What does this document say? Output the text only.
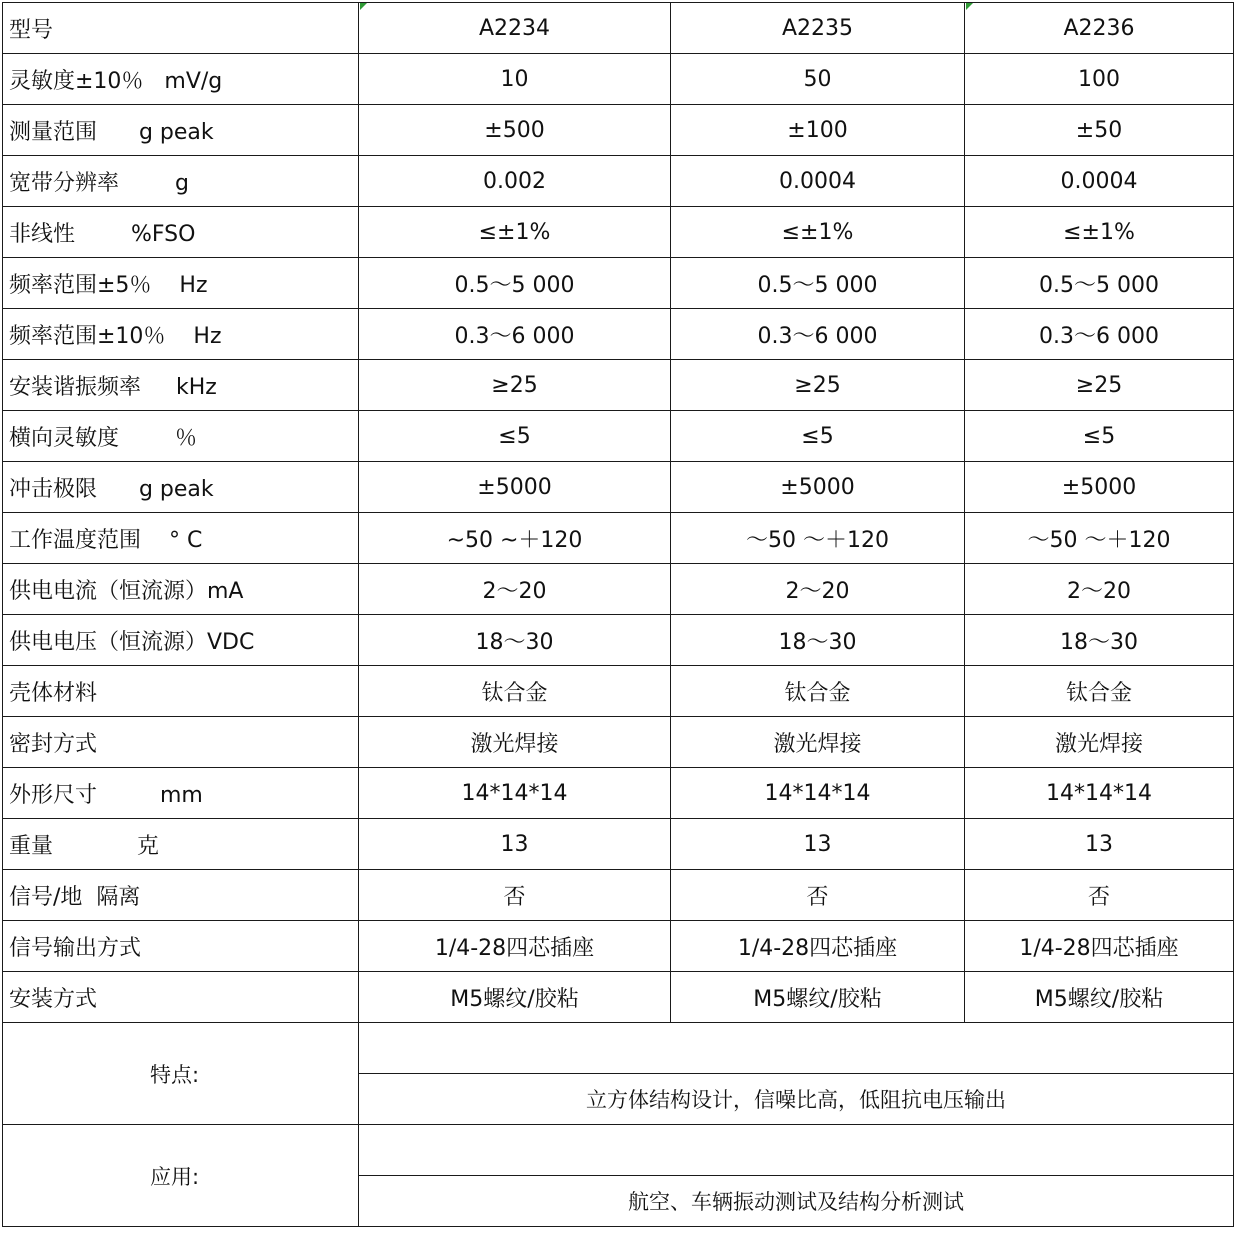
型号	A2234	A2235	A2236
灵敏度±10％   mV/g	10	50	100
测量范围      g peak	±500	±100	±50
宽带分辨率        g	0.002	0.0004	0.0004
非线性        %FSO	≤±1%	≤±1%	≤±1%
频率范围±5％    Hz	0.5～5 000	0.5～5 000	0.5～5 000
频率范围±10％    Hz	0.3～6 000	0.3～6 000	0.3～6 000
安装谐振频率     kHz	≥25	≥25	≥25
横向灵敏度        ％	≤5	≤5	≤5
冲击极限      g peak	±5000	±5000	±5000
工作温度范围    ° C	~50 ~＋120	～50 ～＋120	～50 ～＋120
供电电流（恒流源）mA	2～20	2～20	2～20
供电电压（恒流源）VDC	18～30	18～30	18～30
壳体材料	钛合金	钛合金	钛合金
密封方式	激光焊接	激光焊接	激光焊接
外形尺寸         mm	14*14*14	14*14*14	14*14*14
重量            克	13	13	13
信号/地  隔离	否	否	否
信号输出方式	1/4-28四芯插座	1/4-28四芯插座	1/4-28四芯插座
安装方式	M5螺纹/胶粘	M5螺纹/胶粘	M5螺纹/胶粘
特点:			
	立方体结构设计，信噪比高，低阻抗电压输出		
应用:			
	航空、车辆振动测试及结构分析测试		
